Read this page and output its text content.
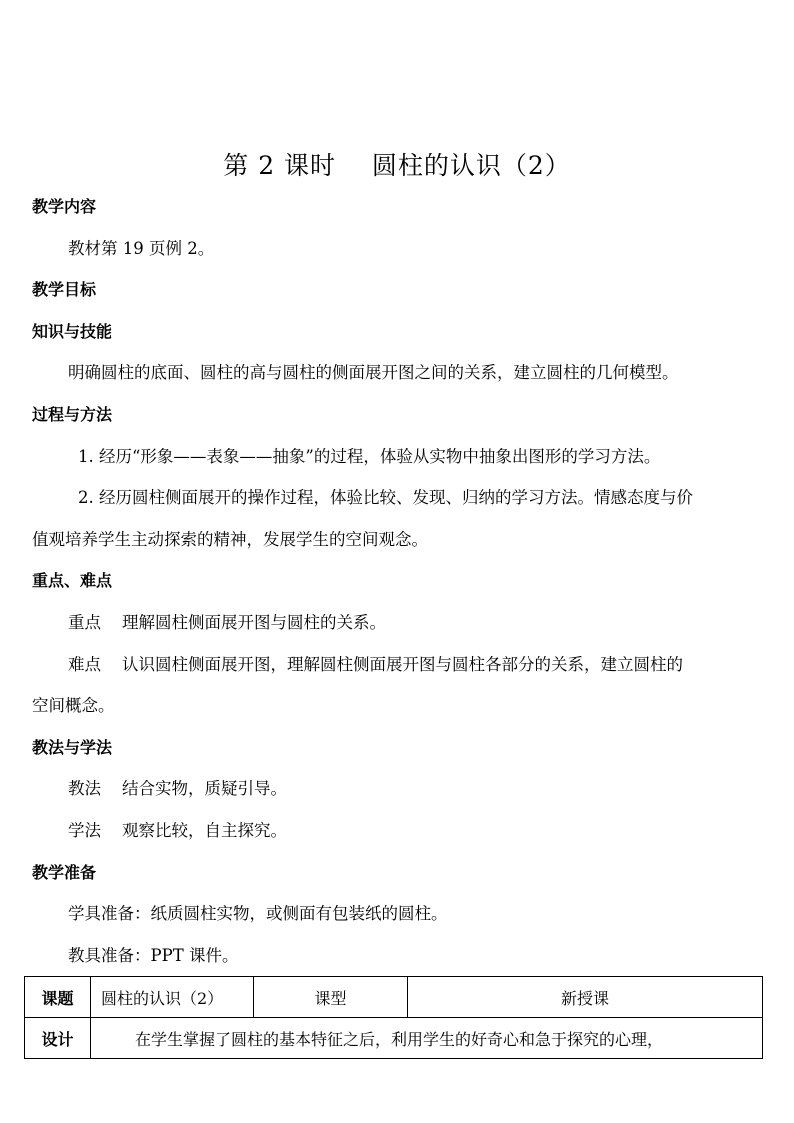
第 2 课时    圆柱的认识（2）
教学内容
教材第 19 页例 2。
教学目标
知识与技能
明确圆柱的底面、圆柱的高与圆柱的侧面展开图之间的关系，建立圆柱的几何模型。
过程与方法
1. 经历“形象——表象——抽象”的过程，体验从实物中抽象出图形的学习方法。
2. 经历圆柱侧面展开的操作过程，体验比较、发现、归纳的学习方法。情感态度与价
值观培养学生主动探索的精神，发展学生的空间观念。
重点、难点
重点    理解圆柱侧面展开图与圆柱的关系。
难点    认识圆柱侧面展开图，理解圆柱侧面展开图与圆柱各部分的关系，建立圆柱的
空间概念。
教法与学法
教法    结合实物，质疑引导。
学法    观察比较，自主探究。
教学准备
学具准备：纸质圆柱实物，或侧面有包装纸的圆柱。
教具准备：PPT 课件。
课题	圆柱的认识（2）	课型	新授课
设计	在学生掌握了圆柱的基本特征之后，利用学生的好奇心和急于探究的心理，		
